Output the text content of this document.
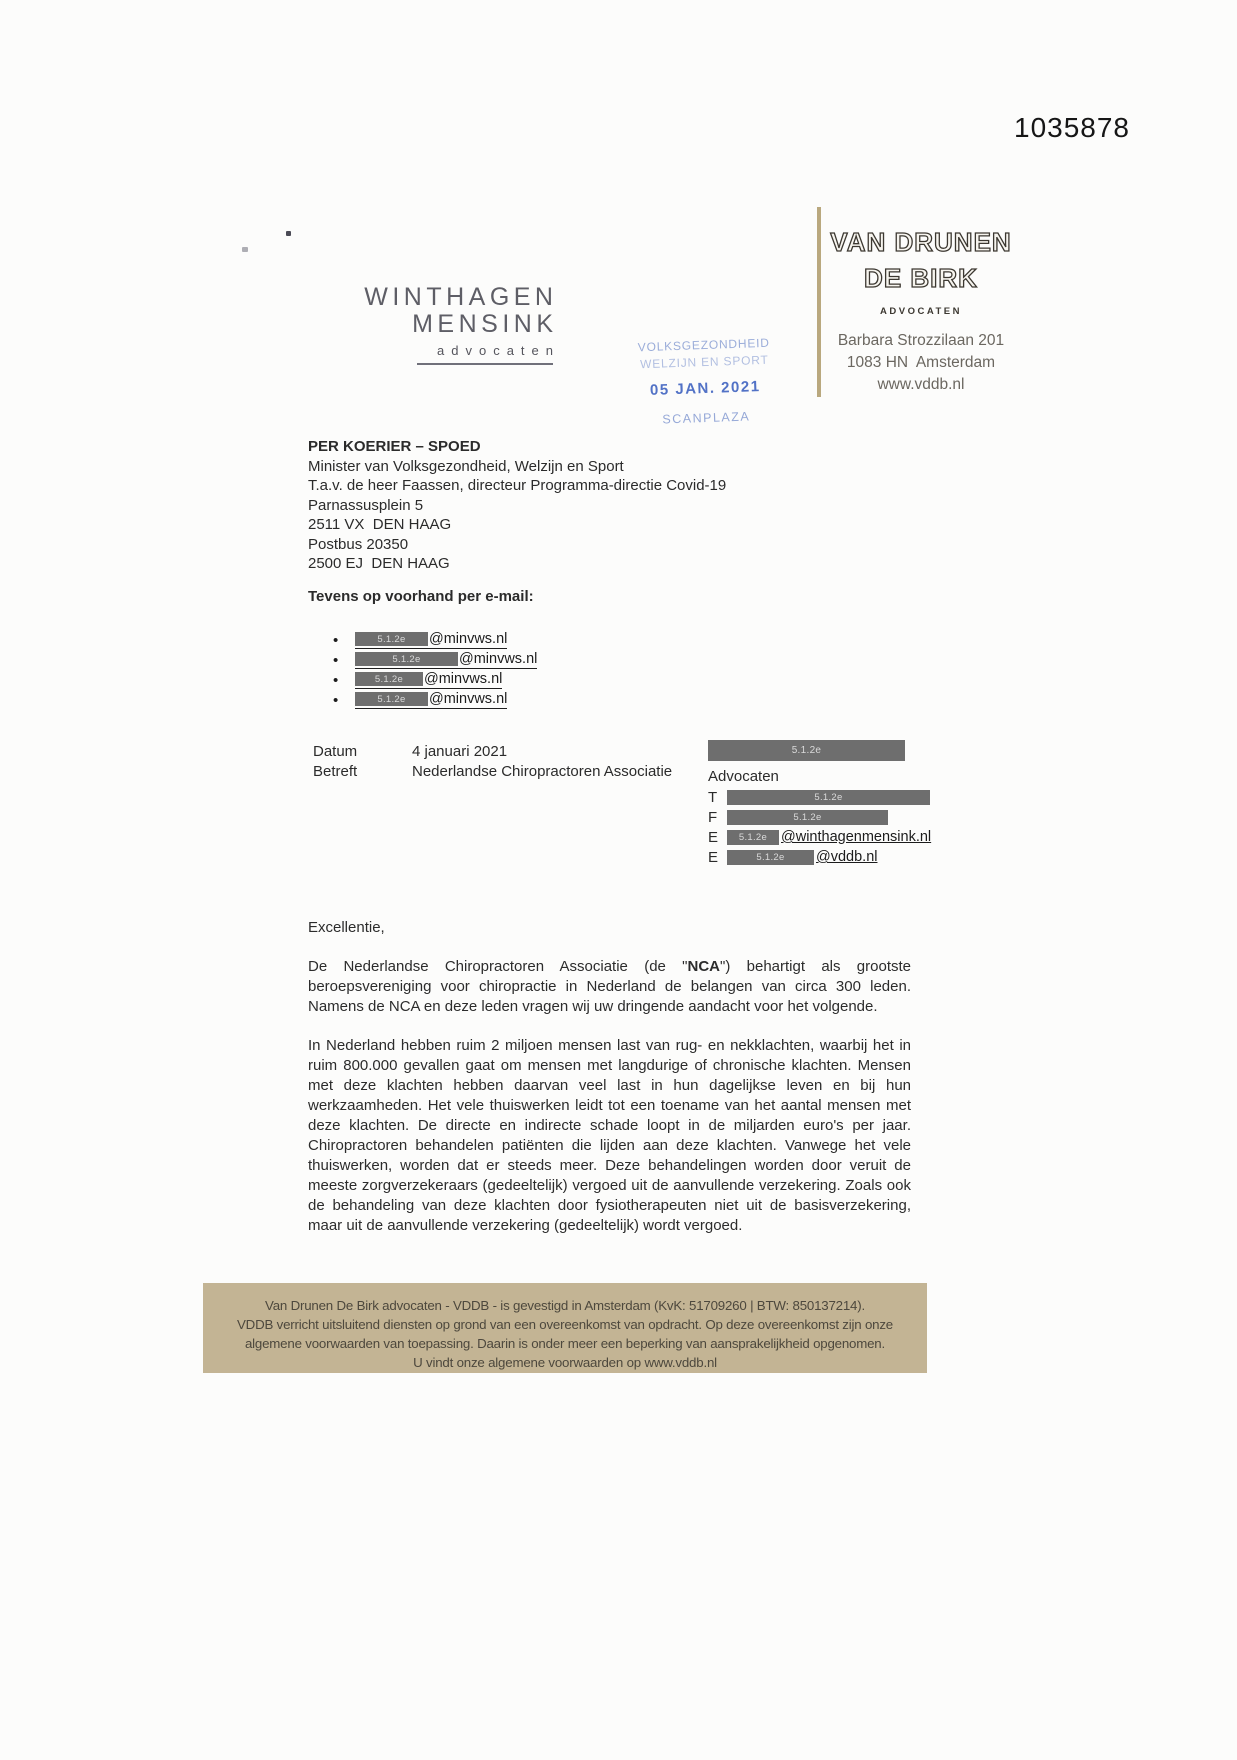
1035878
WINTHAGEN
MENSINK
advocaten	VOLKSGEZONDHEID
WELZIJN EN SPORT
05 JAN. 2021
SCANPLAZA
VAN DRUNEN
DE BIRK
ADVOCATEN
Barbara Strozzilaan 201
1083 HN  Amsterdam
www.vddb.nl
PER KOERIER – SPOED
Minister van Volksgezondheid, Welzijn en Sport
T.a.v. de heer Faassen, directeur Programma-directie Covid-19
Parnassusplein 5
2511 VX  DEN HAAG
Postbus 20350
2500 EJ  DEN HAAG
Tevens op voorhand per e-mail:
•	5.1.2e	@minvws.nl
•	5.1.2e	@minvws.nl
•	5.1.2e	@minvws.nl
•	5.1.2e	@minvws.nl
Datum	4 januari 2021
Betreft	Nederlandse Chiropractoren Associatie
5.1.2e
Advocaten
T	5.1.2e
F	5.1.2e
E	5.1.2e @winthagenmensink.nl
E	5.1.2e	@vddb.nl
Excellentie,

De Nederlandse Chiropractoren Associatie (de "NCA") behartigt als grootste beroepsvereniging voor chiropractie in Nederland de belangen van circa 300 leden. Namens de NCA en deze leden vragen wij uw dringende aandacht voor het volgende.

In Nederland hebben ruim 2 miljoen mensen last van rug- en nekklachten, waarbij het in ruim 800.000 gevallen gaat om mensen met langdurige of chronische klachten. Mensen met deze klachten hebben daarvan veel last in hun dagelijkse leven en bij hun werkzaamheden. Het vele thuiswerken leidt tot een toename van het aantal mensen met deze klachten. De directe en indirecte schade loopt in de miljarden euro's per jaar. Chiropractoren behandelen patiënten die lijden aan deze klachten. Vanwege het vele thuiswerken, worden dat er steeds meer. Deze behandelingen worden door veruit de meeste zorgverzekeraars (gedeeltelijk) vergoed uit de aanvullende verzekering. Zoals ook de behandeling van deze klachten door fysiotherapeuten niet uit de basisverzekering, maar uit de aanvullende verzekering (gedeeltelijk) wordt vergoed.

Van Drunen De Birk advocaten - VDDB - is gevestigd in Amsterdam (KvK: 51709260 | BTW: 850137214).
VDDB verricht uitsluitend diensten op grond van een overeenkomst van opdracht. Op deze overeenkomst zijn onze
algemene voorwaarden van toepassing. Daarin is onder meer een beperking van aansprakelijkheid opgenomen.
U vindt onze algemene voorwaarden op www.vddb.nl
